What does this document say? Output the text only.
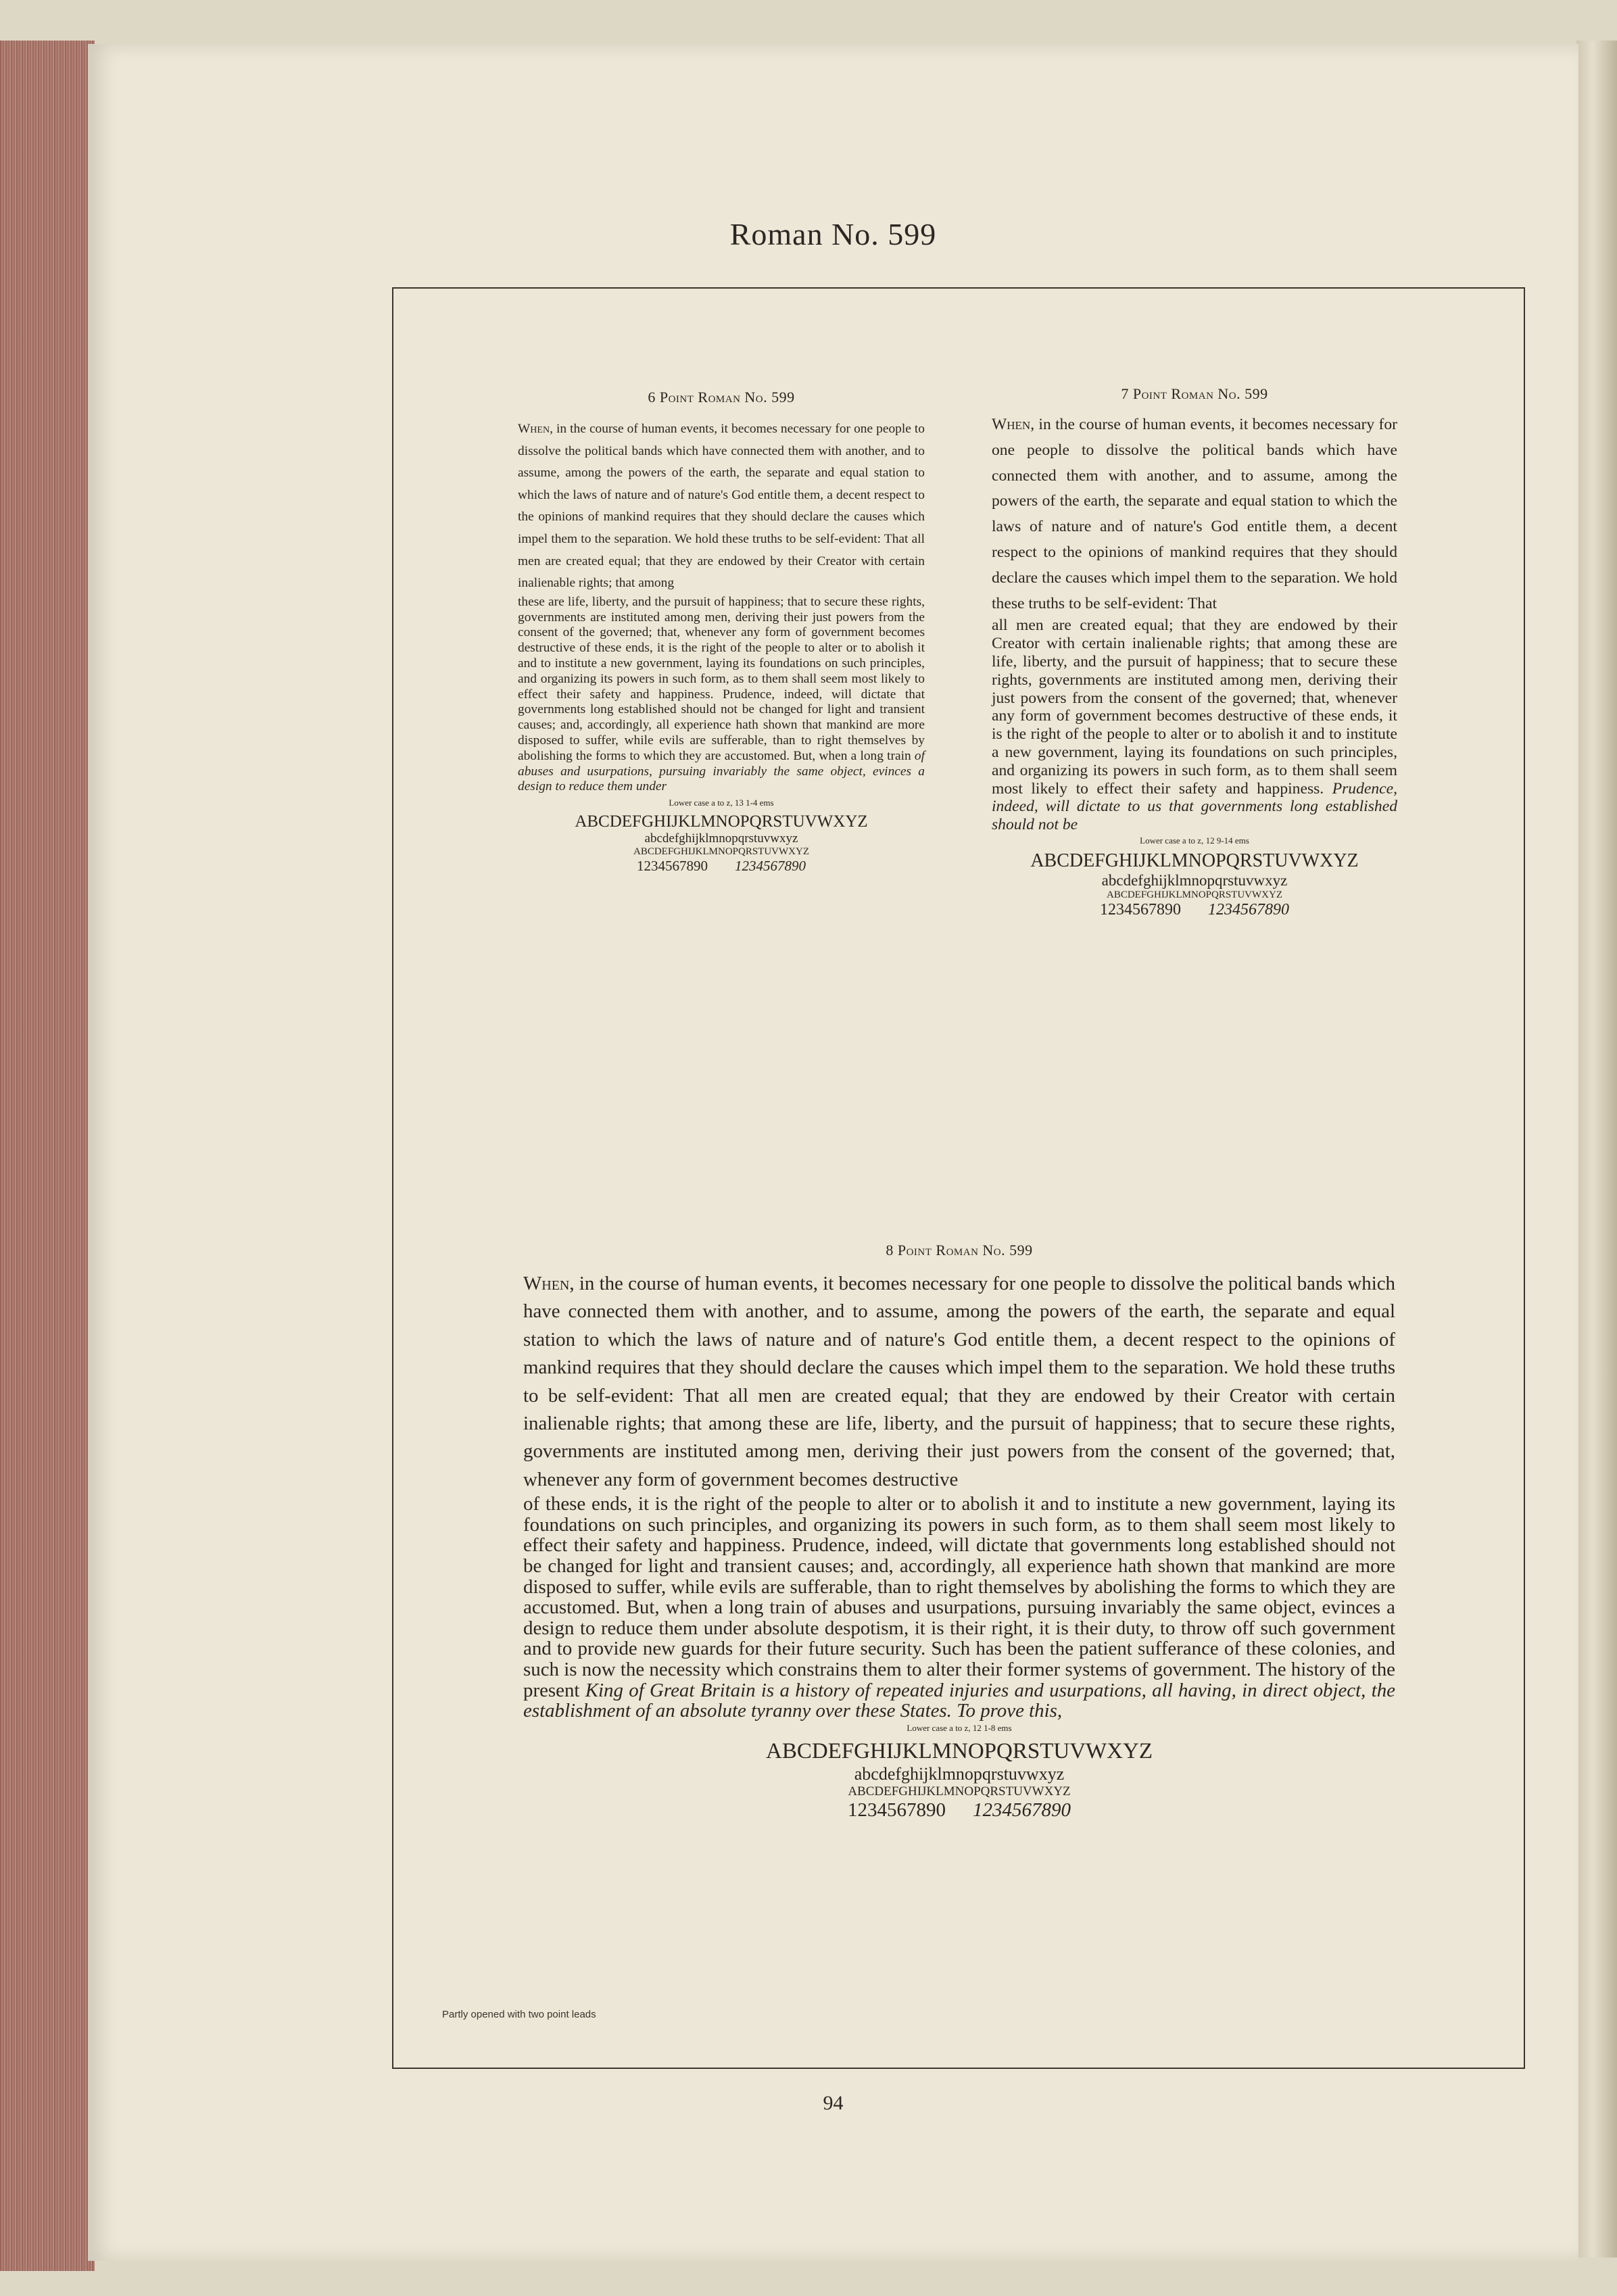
Roman No. 599
6 Point Roman No. 599
When, in the course of human events, it becomes necessary for one people to dissolve the political bands which have connected them with another, and to assume, among the powers of the earth, the separate and equal station to which the laws of nature and of nature's God entitle them, a decent respect to the opinions of mankind requires that they should declare the causes which impel them to the separation. We hold these truths to be self-evident: That all men are created equal; that they are endowed by their Creator with certain inalienable rights; that among
these are life, liberty, and the pursuit of happiness; that to secure these rights, governments are instituted among men, deriving their just powers from the consent of the governed; that, whenever any form of government becomes destructive of these ends, it is the right of the people to alter or to abolish it and to institute a new government, laying its foundations on such principles, and organizing its powers in such form, as to them shall seem most likely to effect their safety and happiness. Prudence, indeed, will dictate that governments long established should not be changed for light and transient causes; and, accordingly, all experience hath shown that mankind are more disposed to suffer, while evils are sufferable, than to right themselves by abolishing the forms to which they are accustomed. But, when a long train of abuses and usurpations, pursuing invariably the same object, evinces a design to reduce them under
Lower case a to z, 13 1-4 ems
ABCDEFGHIJKLMNOPQRSTUVWXYZ
abcdefghijklmnopqrstuvwxyz
ABCDEFGHIJKLMNOPQRSTUVWXYZ
1234567890 1234567890
7 Point Roman No. 599
When, in the course of human events, it becomes necessary for one people to dissolve the political bands which have connected them with another, and to assume, among the powers of the earth, the separate and equal station to which the laws of nature and of nature's God entitle them, a decent respect to the opinions of mankind requires that they should declare the causes which impel them to the separation. We hold these truths to be self-evident: That
all men are created equal; that they are endowed by their Creator with certain inalienable rights; that among these are life, liberty, and the pursuit of happiness; that to secure these rights, governments are instituted among men, deriving their just powers from the consent of the governed; that, whenever any form of government becomes destructive of these ends, it is the right of the people to alter or to abolish it and to institute a new government, laying its foundations on such principles, and organizing its powers in such form, as to them shall seem most likely to effect their safety and happiness. Prudence, indeed, will dictate to us that governments long established should not be
Lower case a to z, 12 9-14 ems
ABCDEFGHIJKLMNOPQRSTUVWXYZ
abcdefghijklmnopqrstuvwxyz
ABCDEFGHIJKLMNOPQRSTUVWXYZ
1234567890 1234567890
8 Point Roman No. 599
When, in the course of human events, it becomes necessary for one people to dissolve the political bands which have connected them with another, and to assume, among the powers of the earth, the separate and equal station to which the laws of nature and of nature's God entitle them, a decent respect to the opinions of mankind requires that they should declare the causes which impel them to the separation. We hold these truths to be self-evident: That all men are created equal; that they are endowed by their Creator with certain inalienable rights; that among these are life, liberty, and the pursuit of happiness; that to secure these rights, governments are instituted among men, deriving their just powers from the consent of the governed; that, whenever any form of government becomes destructive
of these ends, it is the right of the people to alter or to abolish it and to institute a new government, laying its foundations on such principles, and organizing its powers in such form, as to them shall seem most likely to effect their safety and happiness. Prudence, indeed, will dictate that governments long established should not be changed for light and transient causes; and, accordingly, all experience hath shown that mankind are more disposed to suffer, while evils are sufferable, than to right themselves by abolishing the forms to which they are accustomed. But, when a long train of abuses and usurpations, pursuing invariably the same object, evinces a design to reduce them under absolute despotism, it is their right, it is their duty, to throw off such government and to provide new guards for their future security. Such has been the patient sufferance of these colonies, and such is now the necessity which constrains them to alter their former systems of government. The history of the present King of Great Britain is a history of repeated injuries and usurpations, all having, in direct object, the establishment of an absolute tyranny over these States. To prove this,
Lower case a to z, 12 1-8 ems
ABCDEFGHIJKLMNOPQRSTUVWXYZ
abcdefghijklmnopqrstuvwxyz
ABCDEFGHIJKLMNOPQRSTUVWXYZ
1234567890 1234567890
Partly opened with two point leads
94
